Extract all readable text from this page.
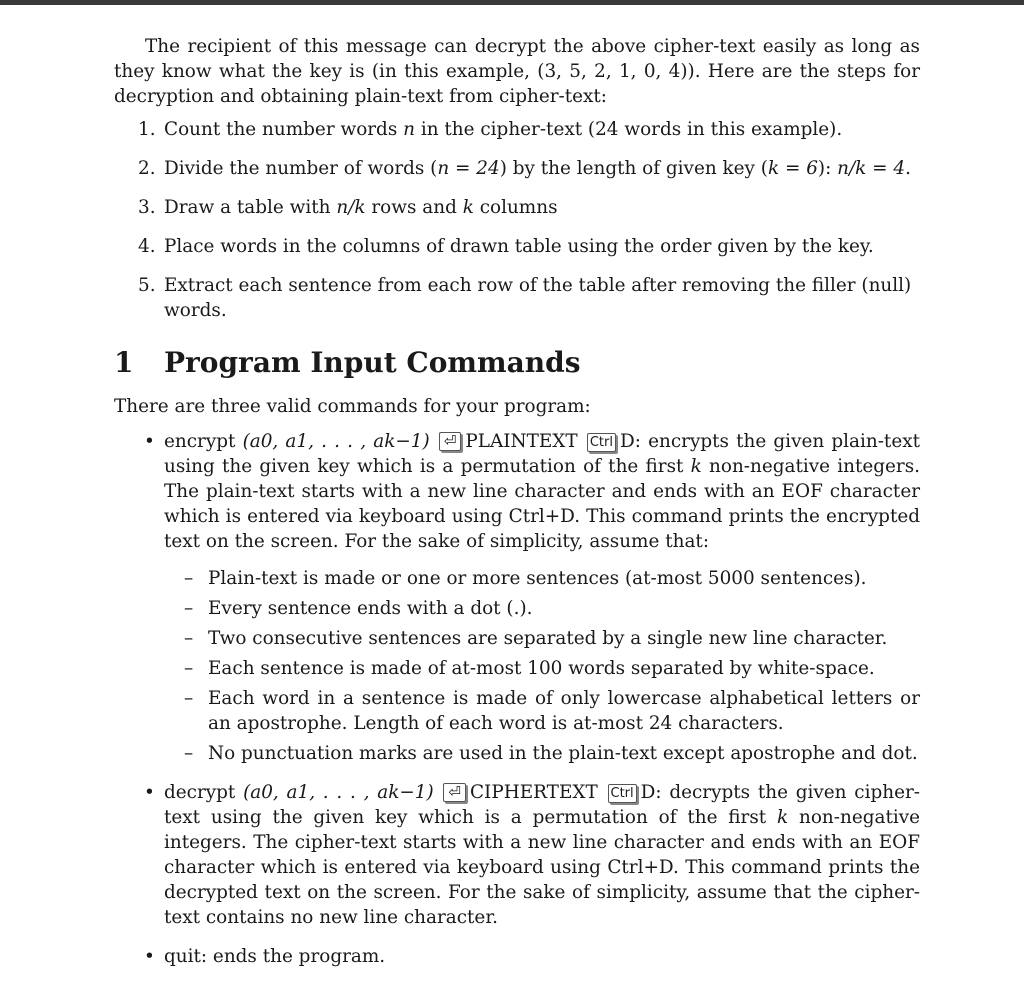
The recipient of this message can decrypt the above cipher-text easily as long as they know what the key is (in this example, (3, 5, 2, 1, 0, 4)). Here are the steps for decryption and obtaining plain-text from cipher-text:

1. Count the number words n in the cipher-text (24 words in this example).
2. Divide the number of words (n = 24) by the length of given key (k = 6): n/k = 4.
3. Draw a table with n/k rows and k columns
4. Place words in the columns of drawn table using the order given by the key.
5. Extract each sentence from each row of the table after removing the filler (null) words.
1 Program Input Commands

There are three valid commands for your program:

• encrypt (a0, a1, . . . , ak−1) ⏎ PLAINTEXT Ctrl D: encrypts the given plain-text using the given key which is a permutation of the first k non-negative integers. The plain-text starts with a new line character and ends with an EOF character which is entered via keyboard using Ctrl+D. This command prints the encrypted text on the screen. For the sake of simplicity, assume that:
– Plain-text is made or one or more sentences (at-most 5000 sentences).
– Every sentence ends with a dot (.).
– Two consecutive sentences are separated by a single new line character.
– Each sentence is made of at-most 100 words separated by white-space.
– Each word in a sentence is made of only lowercase alphabetical letters or an apostrophe. Length of each word is at-most 24 characters.
– No punctuation marks are used in the plain-text except apostrophe and dot.
• decrypt (a0, a1, . . . , ak−1) ⏎ CIPHERTEXT Ctrl D: decrypts the given cipher-text using the given key which is a permutation of the first k non-negative integers. The cipher-text starts with a new line character and ends with an EOF character which is entered via keyboard using Ctrl+D. This command prints the decrypted text on the screen. For the sake of simplicity, assume that the cipher-text contains no new line character.
• quit: ends the program.
